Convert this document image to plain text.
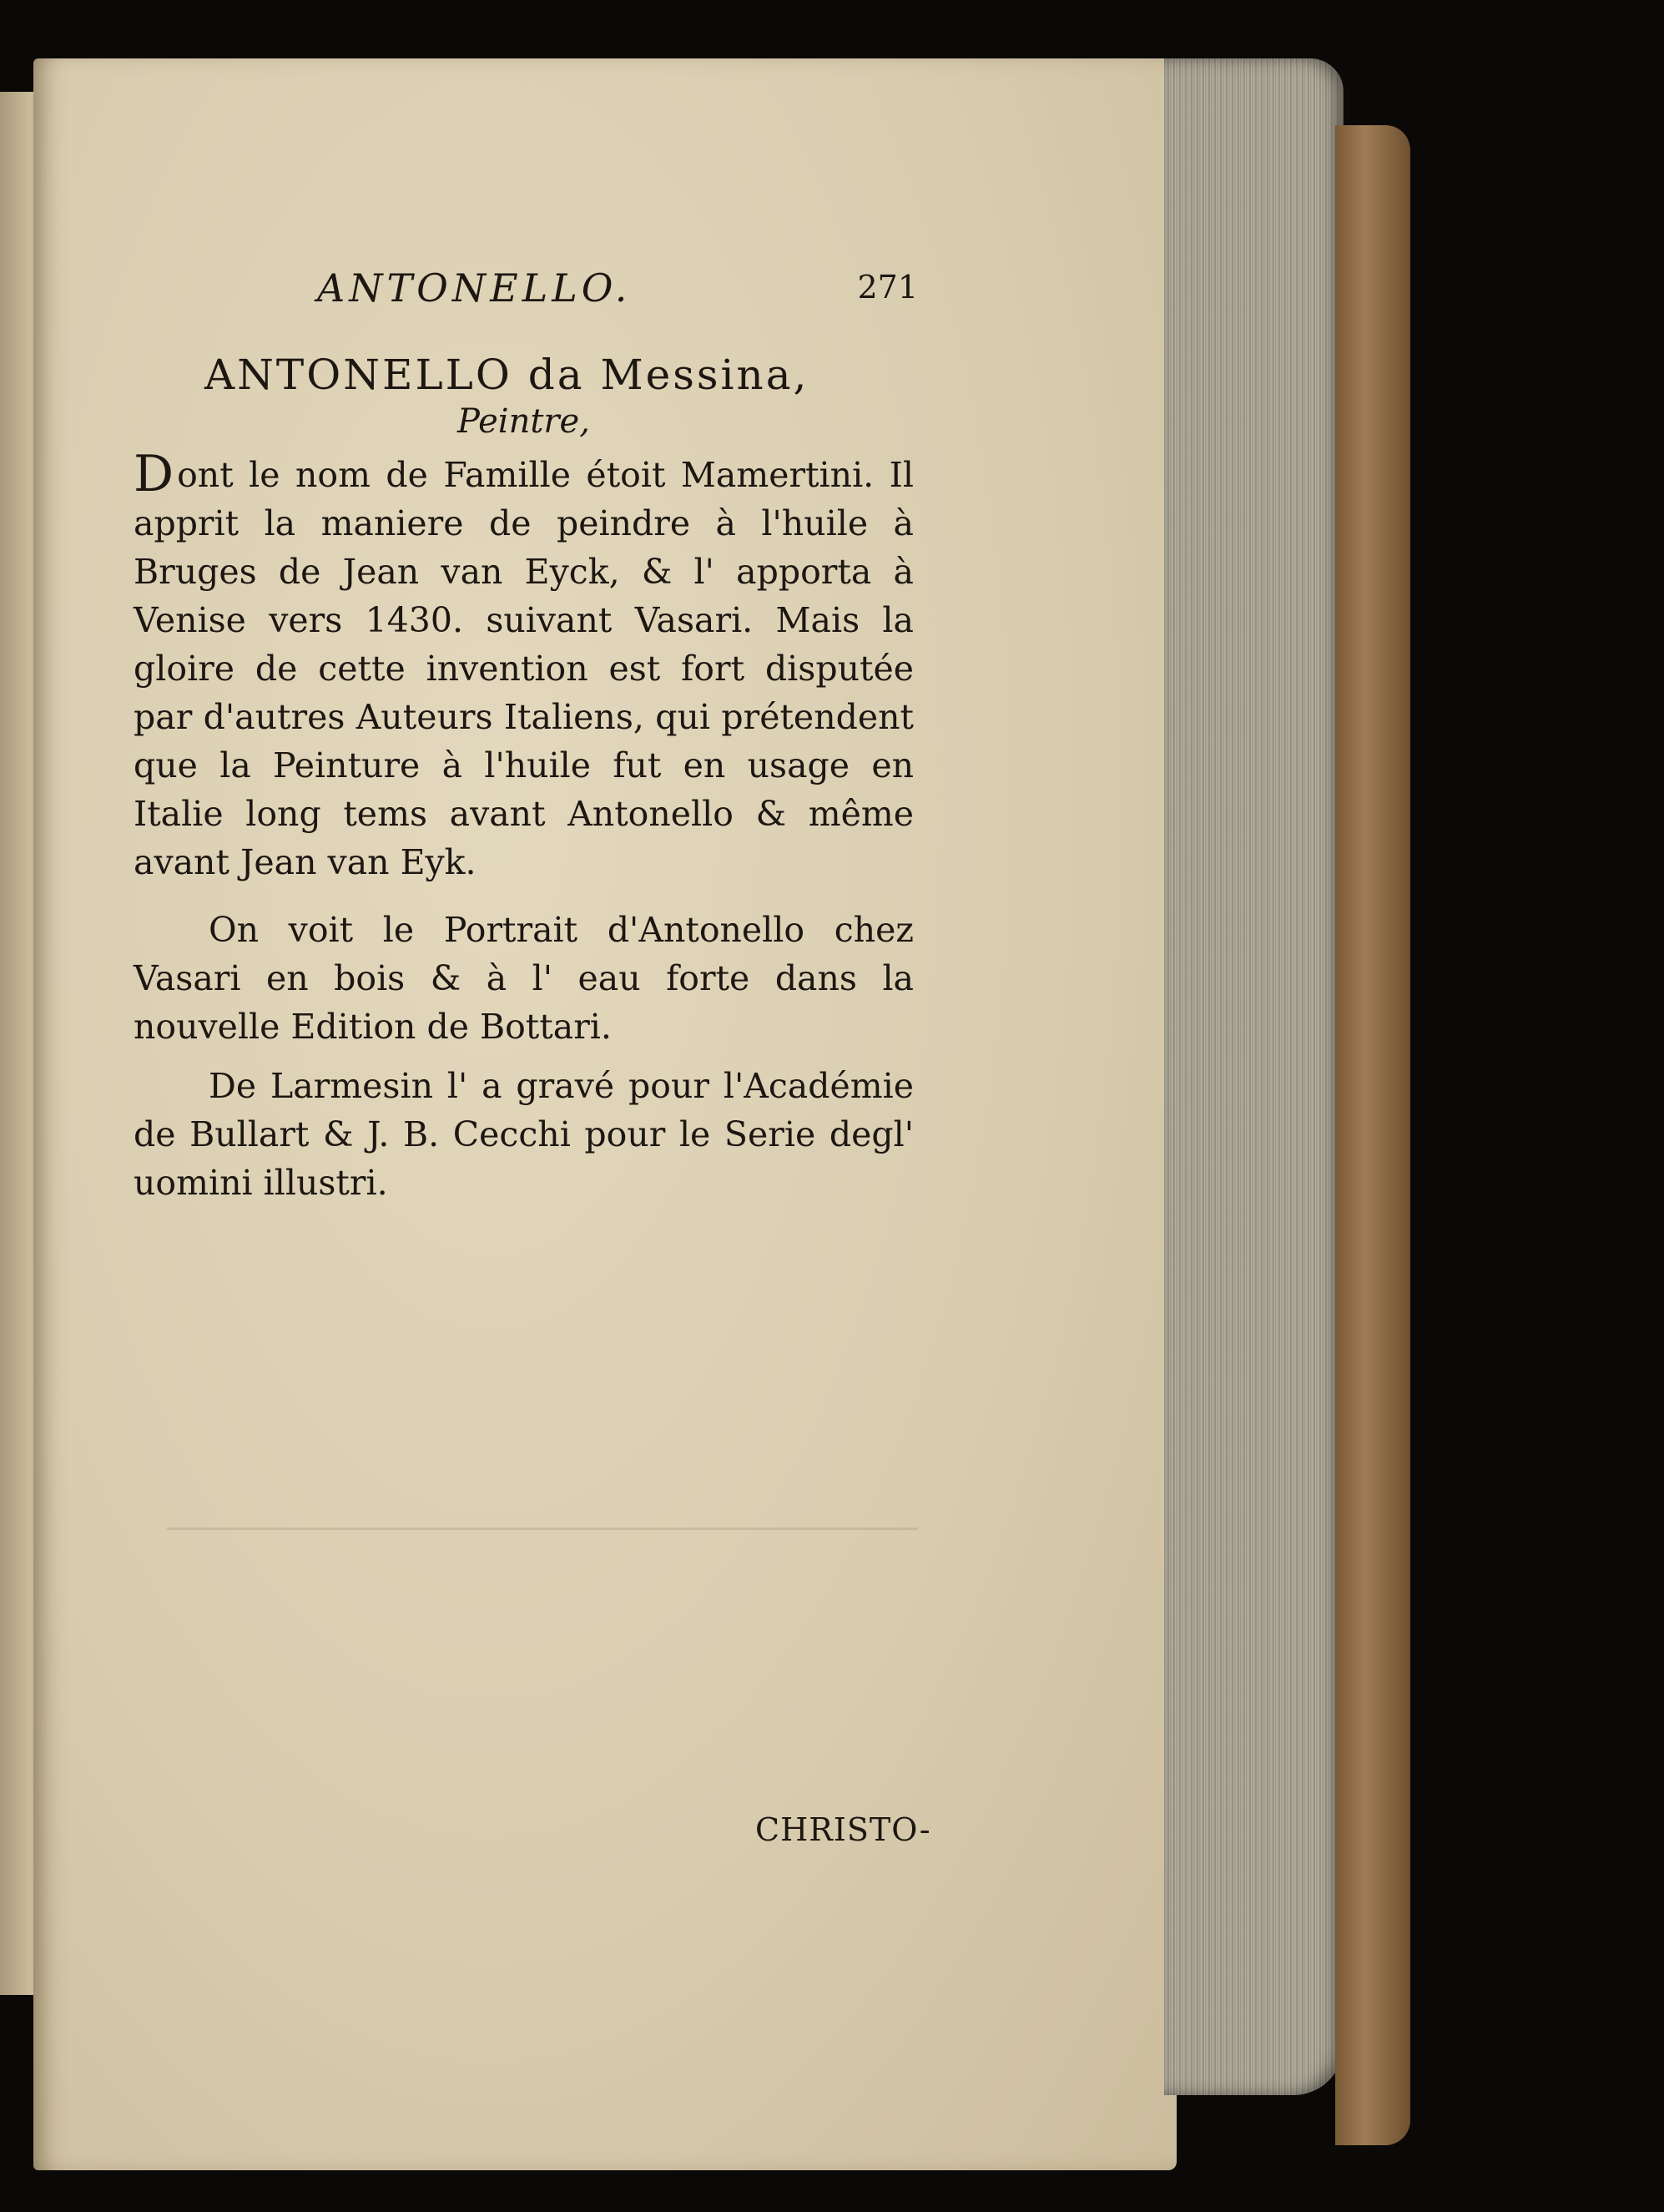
ANTONELLO.	271
ANTONELLO da Messina,
Peintre,
D ont le nom de Famille étoit Mamertini. Il apprit la maniere de peindre à l'huile à Bruges de Jean van Eyck, & l' apporta à Venise vers 1430. suivant Vasari. Mais la gloire de cette invention est fort disputée par d'autres Auteurs Italiens, qui prétendent que la Peinture à l'huile fut en usage en Italie long tems avant Antonello & même avant Jean van Eyk.
On voit le Portrait d'Antonello chez Vasari en bois & à l' eau forte dans la nouvelle Edition de Bottari.
De Larmesin l' a gravé pour l'Académie de Bullart & J. B. Cecchi pour le Serie degl' uomini illustri.
CHRISTO-
